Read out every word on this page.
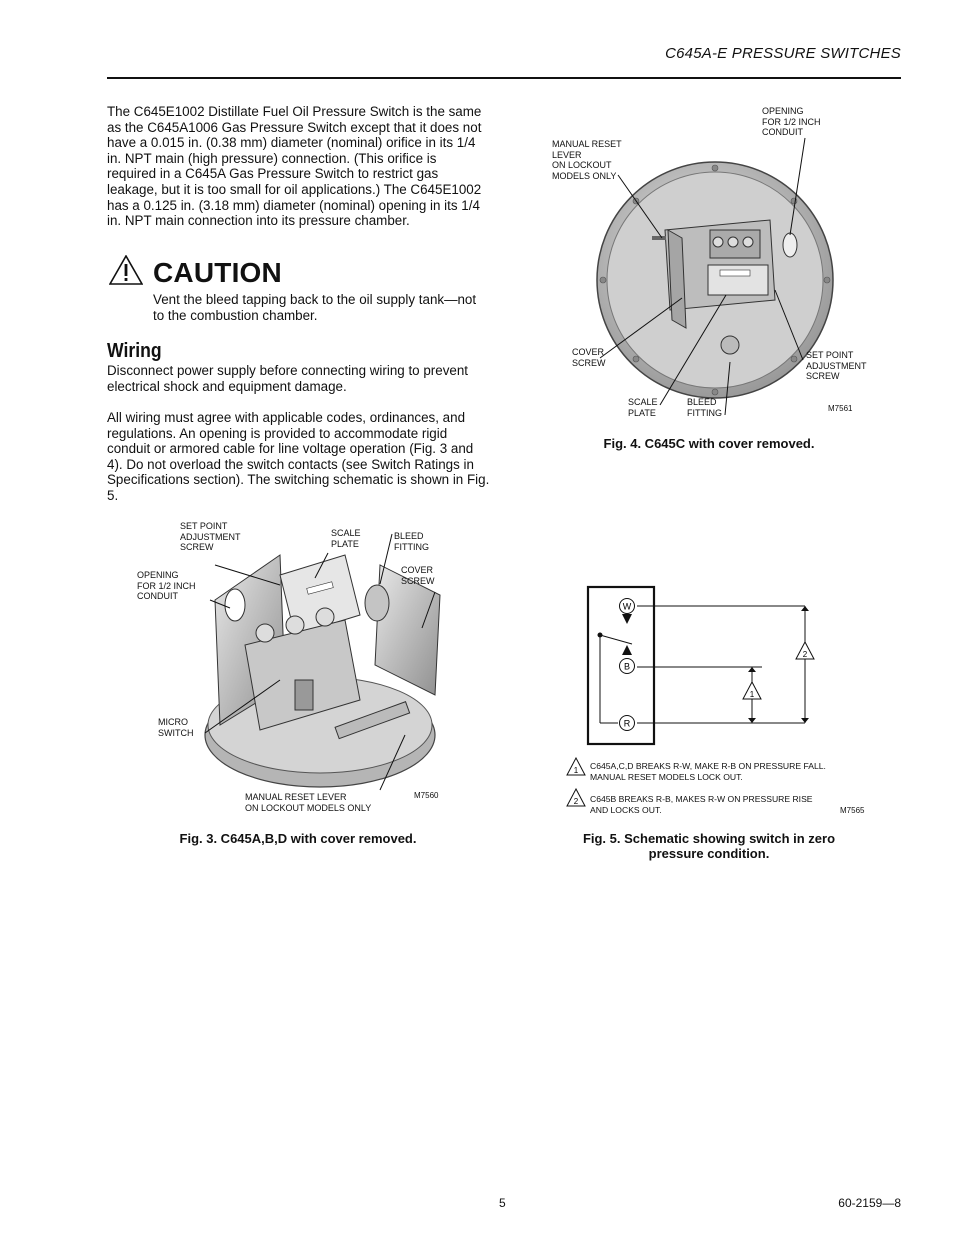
C645A-E PRESSURE SWITCHES
The C645E1002 Distillate Fuel Oil Pressure Switch is the same as the C645A1006 Gas Pressure Switch except that it does not have a 0.015 in. (0.38 mm) diameter (nominal) orifice in its 1/4 in. NPT main (high pressure) connection. (This orifice is required in a C645A Gas Pressure Switch to restrict gas leakage, but it is too small for oil applications.) The C645E1002 has a 0.125 in. (3.18 mm) diameter (nominal) opening in its 1/4 in. NPT main connection into its pressure chamber.
CAUTION
Vent the bleed tapping back to the oil supply tank—not to the combustion chamber.
Wiring
Disconnect power supply before connecting wiring to prevent electrical shock and equipment damage.
All wiring must agree with applicable codes, ordinances, and regulations. An opening is provided to accommodate rigid conduit or armored cable for line voltage operation (Fig. 3 and 4). Do not overload the switch contacts (see Switch Ratings in Specifications section). The switching schematic is shown in Fig. 5.
OPENING
FOR 1/2 INCH
CONDUIT
MANUAL RESET
LEVER
ON LOCKOUT
MODELS ONLY
COVER
SCREW
SET POINT
ADJUSTMENT
SCREW
SCALE
PLATE
BLEED
FITTING	M7561
Fig. 4. C645C with cover removed.
SET POINT
ADJUSTMENT
SCREW
SCALE
PLATE
BLEED
FITTING
COVER
SCREW
OPENING
FOR 1/2 INCH
CONDUIT
MICRO
SWITCH
MANUAL RESET LEVER
ON LOCKOUT MODELS ONLY
M7560
Fig. 3. C645A,B,D with cover removed.
W
B
R
1
2
1
2
C645A,C,D BREAKS R-W, MAKE R-B ON PRESSURE FALL.
MANUAL RESET MODELS LOCK OUT.
C645B BREAKS R-B, MAKES R-W ON PRESSURE RISE
AND LOCKS OUT.	M7565
Fig. 5. Schematic showing switch in zero pressure condition.
5	60-2159—8
